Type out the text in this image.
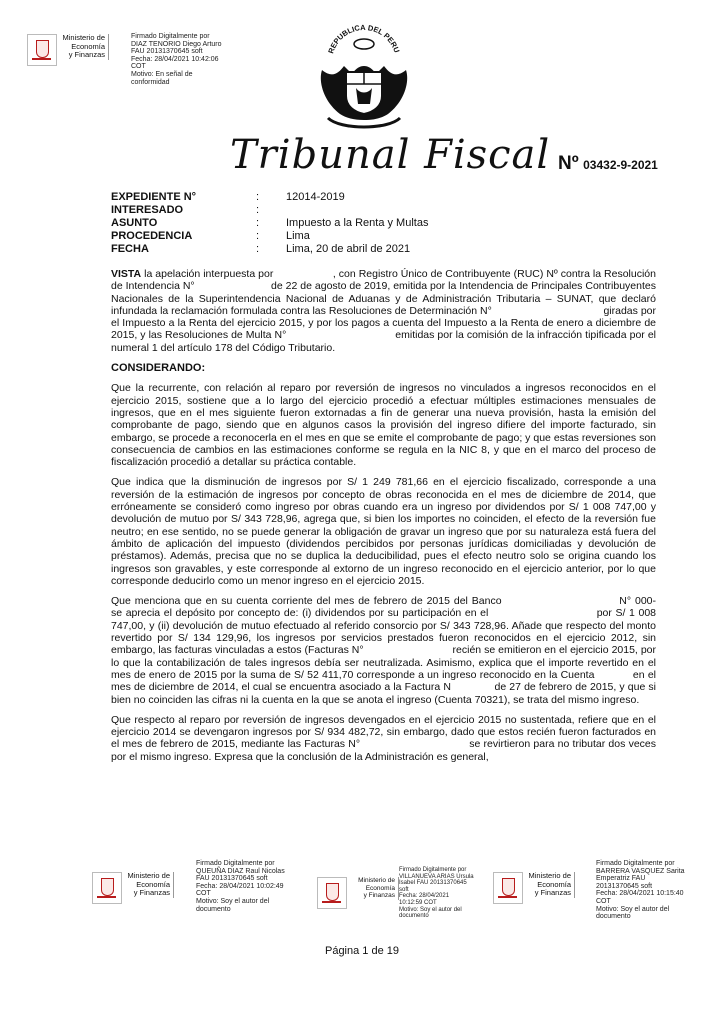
Ministerio de
Economía
y Finanzas
Firmado Digitalmente por
DIAZ TENORIO Diego Arturo
FAU 20131370645 soft
Fecha: 28/04/2021 10:42:06
COT
Motivo: En señal de
conformidad
REPUBLICA DEL PERU
Tribunal Fiscal Nº 03432-9-2021
EXPEDIENTE N°	:	12014-2019
INTERESADO	:
ASUNTO	:	Impuesto a la Renta y Multas
PROCEDENCIA	:	Lima
FECHA	:	Lima, 20 de abril de 2021

VISTA la apelación interpuesta por                    , con Registro Único de Contribuyente (RUC) Nº contra la Resolución de Intendencia N°                          de 22 de agosto de 2019, emitida por la Intendencia de Principales Contribuyentes Nacionales de la Superintendencia Nacional de Aduanas y de Administración Tributaria – SUNAT, que declaró infundada la reclamación formulada contra las Resoluciones de Determinación N°                                      giradas por el Impuesto a la Renta del ejercicio 2015, y por los pagos a cuenta del Impuesto a la Renta de enero a diciembre de 2015, y las Resoluciones de Multa N°                                    emitidas por la comisión de la infracción tipificada por el numeral 1 del artículo 178 del Código Tributario.

CONSIDERANDO:

Que la recurrente, con relación al reparo por reversión de ingresos no vinculados a ingresos reconocidos en el ejercicio 2015, sostiene que a lo largo del ejercicio procedió a efectuar múltiples estimaciones mensuales de ingresos, que en el mes siguiente fueron extornadas a fin de generar una nueva provisión, hasta la emisión del comprobante de pago, siendo que en algunos casos la provisión del ingreso difiere del importe facturado, sin embargo, se procede a reconocerla en el mes en que se emite el comprobante de pago; y que estas reversiones son consecuencia de cambios en las estimaciones conforme se regula en la NIC 8, y que en el marco del proceso de fiscalización procedió a detallar su práctica contable.

Que indica que la disminución de ingresos por S/ 1 249 781,66 en el ejercicio fiscalizado, corresponde a una reversión de la estimación de ingresos por concepto de obras reconocida en el mes de diciembre de 2014, que erróneamente se consideró como ingreso por obras cuando era un ingreso por dividendos por S/ 1 008 747,00 y devolución de mutuo por S/ 343 728,96, agrega que, si bien los importes no coinciden, el efecto de la reversión fue neutro; en ese sentido, no se puede generar la obligación de gravar un ingreso que por su naturaleza está fuera del ámbito de aplicación del impuesto (dividendos percibidos por personas jurídicas domiciliadas y devolución de préstamos). Además, precisa que no se duplica la deducibilidad, pues el efecto neutro solo se origina cuando los ingresos son gravables, y este corresponde al extorno de un ingreso reconocido en el ejercicio anterior, por lo que corresponde deducirlo como un menor ingreso en el ejercicio 2015.

Que menciona que en su cuenta corriente del mes de febrero de 2015 del Banco                              N° 000-                se aprecia el depósito por concepto de: (i) dividendos por su participación en el                              por S/ 1 008 747,00, y (ii) devolución de mutuo efectuado al referido consorcio por S/ 343 728,96. Añade que respecto del monto revertido por S/ 134 129,96, los ingresos por servicios prestados fueron reconocidos en el ejercicio 2012, sin embargo, las facturas vinculadas a estos (Facturas N°                              recién se emitieron en el ejercicio 2015, por lo que la contabilización de tales ingresos debía ser neutralizada. Asimismo, explica que el importe revertido en el mes de enero de 2015 por la suma de S/ 52 411,70 corresponde a un ingreso reconocido en la Cuenta            en el mes de diciembre de 2014, el cual se encuentra asociado a la Factura N              de 27 de febrero de 2015, y que si bien no coinciden las cifras ni la cuenta en la que se anota el ingreso (Cuenta 70321), se trata del mismo ingreso.

Que respecto al reparo por reversión de ingresos devengados en el ejercicio 2015 no sustentada, refiere que en el ejercicio 2014 se devengaron ingresos por S/ 934 482,72, sin embargo, dado que estos recién fueron facturados en el mes de febrero de 2015, mediante las Facturas N°                                  se revirtieron para no tributar dos veces por el mismo ingreso. Expresa que la conclusión de la Administración es general,

Ministerio de
Economía
y Finanzas
Firmado Digitalmente por
QUEUÑA DIAZ Raul Nicolas
FAU 20131370645 soft
Fecha: 28/04/2021 10:02:49
COT
Motivo: Soy el autor del
documento
Ministerio de
Economía
y Finanzas
Firmado Digitalmente por
VILLANUEVA ARIAS Ursula
Isabel FAU 20131370645
soft
Fecha: 28/04/2021
10:12:59 COT
Motivo: Soy el autor del
documento
Ministerio de
Economía
y Finanzas
Firmado Digitalmente por
BARRERA VASQUEZ Sarita
Emperatriz FAU
20131370645 soft
Fecha: 28/04/2021 10:15:40
COT
Motivo: Soy el autor del
documento
Página 1 de 19
